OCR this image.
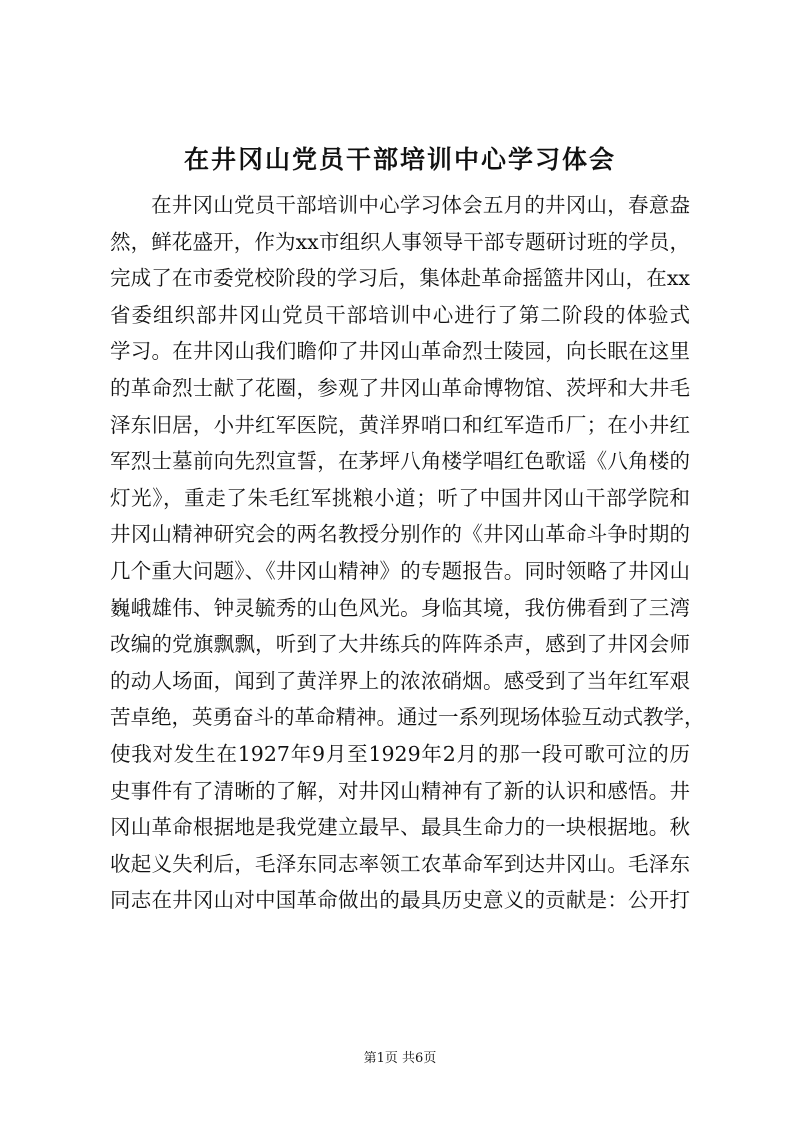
在井冈山党员干部培训中心学习体会
在井冈山党员干部培训中心学习体会五月的井冈山，春意盎
然，鲜花盛开，作为xx市组织人事领导干部专题研讨班的学员，
完成了在市委党校阶段的学习后，集体赴革命摇篮井冈山，在xx
省委组织部井冈山党员干部培训中心进行了第二阶段的体验式
学习。在井冈山我们瞻仰了井冈山革命烈士陵园，向长眠在这里
的革命烈士献了花圈，参观了井冈山革命博物馆、茨坪和大井毛
泽东旧居，小井红军医院，黄洋界哨口和红军造币厂；在小井红
军烈士墓前向先烈宣誓，在茅坪八角楼学唱红色歌谣《八角楼的
灯光》，重走了朱毛红军挑粮小道；听了中国井冈山干部学院和
井冈山精神研究会的两名教授分别作的《井冈山革命斗争时期的
几个重大问题》、《井冈山精神》的专题报告。同时领略了井冈山
巍峨雄伟、钟灵毓秀的山色风光。身临其境，我仿佛看到了三湾
改编的党旗飘飘，听到了大井练兵的阵阵杀声，感到了井冈会师
的动人场面，闻到了黄洋界上的浓浓硝烟。感受到了当年红军艰
苦卓绝，英勇奋斗的革命精神。通过一系列现场体验互动式教学，
使我对发生在1927年9月至1929年2月的那一段可歌可泣的历
史事件有了清晰的了解，对井冈山精神有了新的认识和感悟。井
冈山革命根据地是我党建立最早、最具生命力的一块根据地。秋
收起义失利后，毛泽东同志率领工农革命军到达井冈山。毛泽东
同志在井冈山对中国革命做出的最具历史意义的贡献是：公开打
第1页 共6页
